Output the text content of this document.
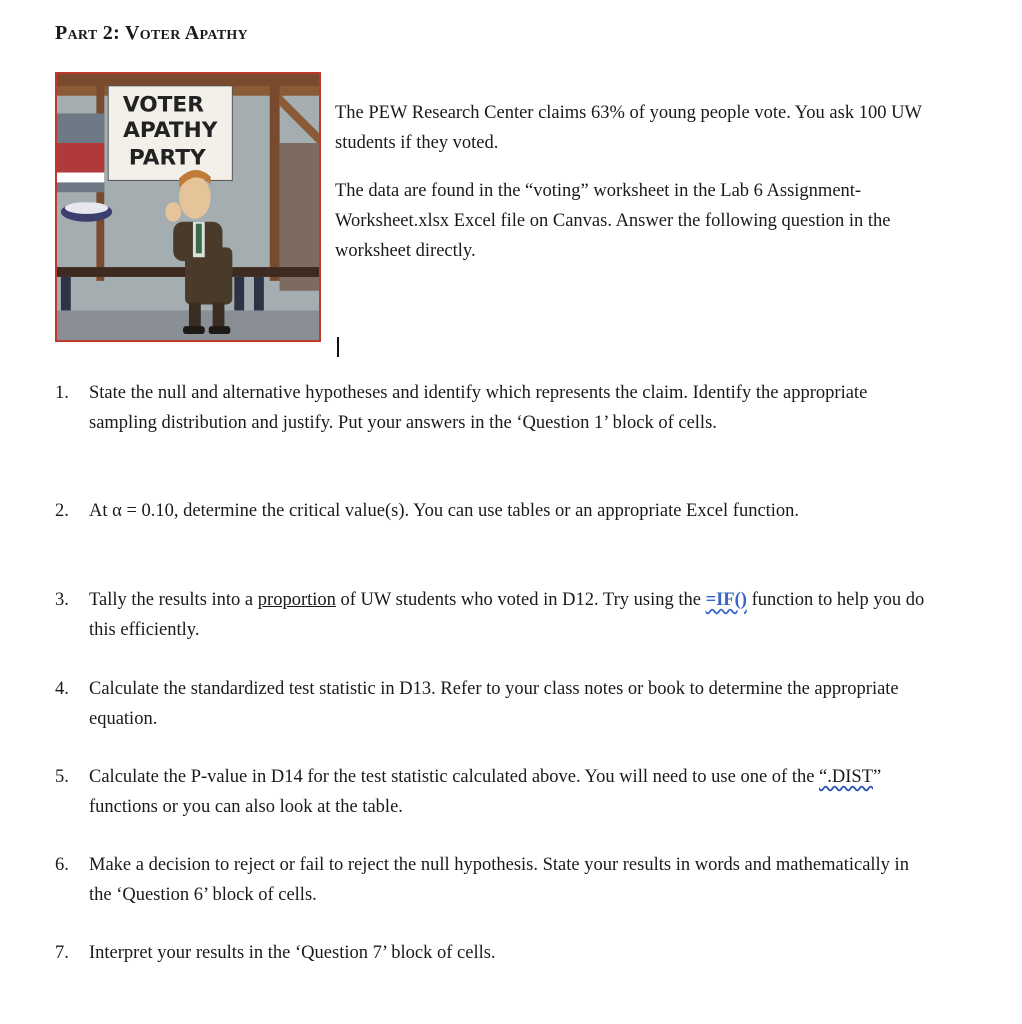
Part 2: Voter Apathy
VOTER
APATHY
PARTY

The PEW Research Center claims 63% of young people vote. You ask 100 UW students if they voted.

The data are found in the “voting” worksheet in the Lab 6 Assignment- Worksheet.xlsx Excel file on Canvas. Answer the following question in the worksheet directly.

1.	State the null and alternative hypotheses and identify which represents the claim. Identify the appropriate sampling distribution and justify. Put your answers in the ‘Question 1’ block of cells.
2.	At α = 0.10, determine the critical value(s). You can use tables or an appropriate Excel function.
3.	Tally the results into a proportion of UW students who voted in D12. Try using the =IF() function to help you do this efficiently.
4.	Calculate the standardized test statistic in D13. Refer to your class notes or book to determine the appropriate equation.
5.	Calculate the P-value in D14 for the test statistic calculated above. You will need to use one of the “.DIST” functions or you can also look at the table.
6.	Make a decision to reject or fail to reject the null hypothesis. State your results in words and mathematically in the ‘Question 6’ block of cells.
7.	Interpret your results in the ‘Question 7’ block of cells.
